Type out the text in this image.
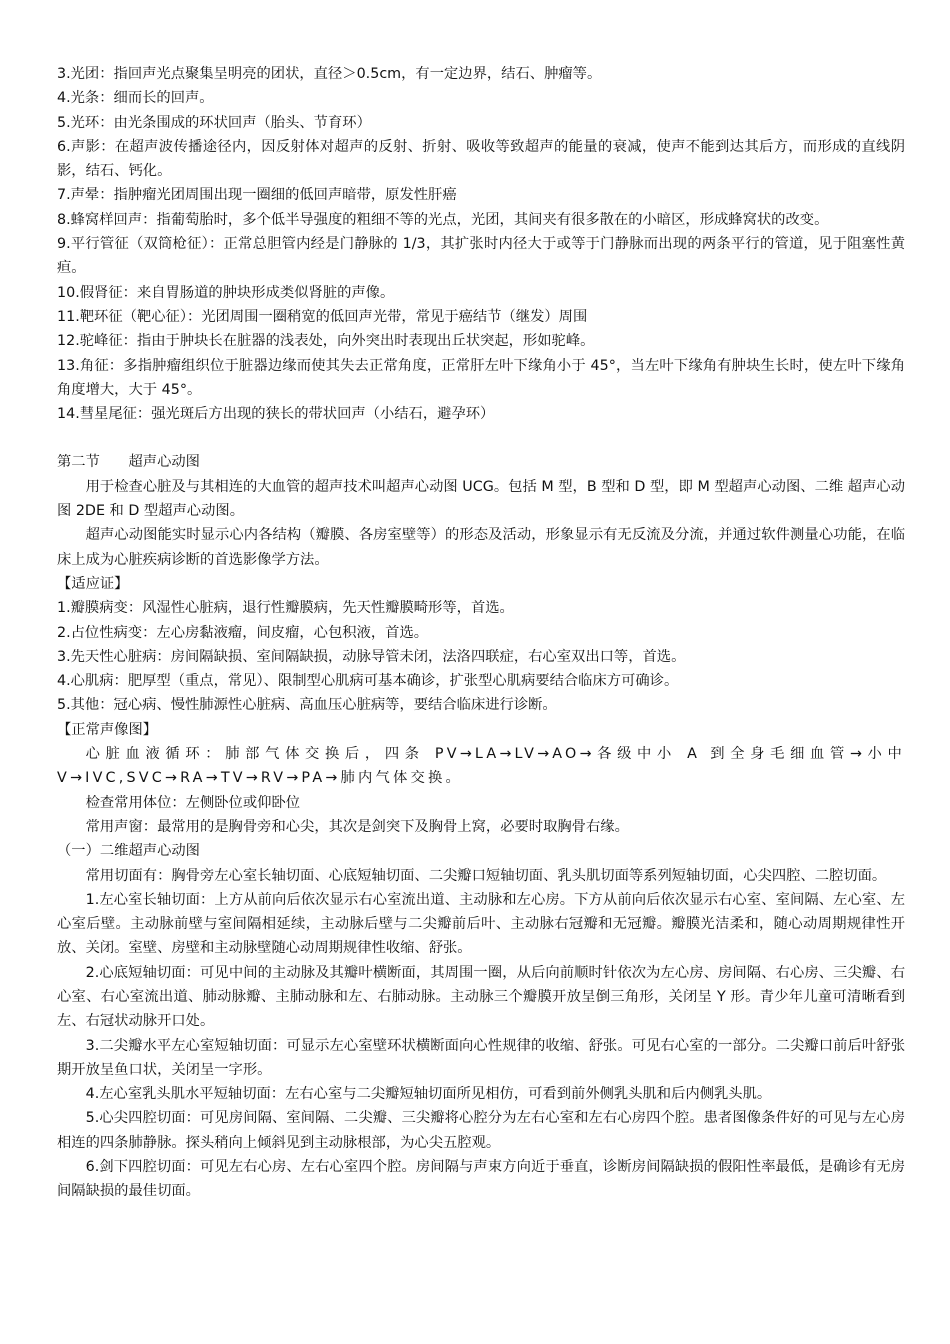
3.光团：指回声光点聚集呈明亮的团状，直径＞0.5cm，有一定边界，结石、肿瘤等。

4.光条：细而长的回声。

5.光环：由光条围成的环状回声（胎头、节育环）

6.声影：在超声波传播途径内，因反射体对超声的反射、折射、吸收等致超声的能量的衰减，使声不能到达其后方，而形成的直线阴影，结石、钙化。

7.声晕：指肿瘤光团周围出现一圈细的低回声暗带，原发性肝癌

8.蜂窝样回声：指葡萄胎时，多个低半导强度的粗细不等的光点，光团，其间夹有很多散在的小暗区，形成蜂窝状的改变。

9.平行管征（双筒枪征）：正常总胆管内经是门静脉的 1/3，其扩张时内径大于或等于门静脉而出现的两条平行的管道，见于阻塞性黄疸。

10.假肾征：来自胃肠道的肿块形成类似肾脏的声像。

11.靶环征（靶心征）：光团周围一圈稍宽的低回声光带，常见于癌结节（继发）周围

12.驼峰征：指由于肿块长在脏器的浅表处，向外突出时表现出丘状突起，形如驼峰。

13.角征：多指肿瘤组织位于脏器边缘而使其失去正常角度，正常肝左叶下缘角小于 45°，当左叶下缘角有肿块生长时，使左叶下缘角角度增大，大于 45°。

14.彗星尾征：强光斑后方出现的狭长的带状回声（小结石，避孕环）

第二节　　超声心动图

用于检查心脏及与其相连的大血管的超声技术叫超声心动图 UCG。包括 M 型，B 型和 D 型，即 M 型超声心动图、二维 超声心动图 2DE 和 D 型超声心动图。

超声心动图能实时显示心内各结构（瓣膜、各房室壁等）的形态及活动，形象显示有无反流及分流，并通过软件测量心功能，在临床上成为心脏疾病诊断的首选影像学方法。

【适应证】

1.瓣膜病变：风湿性心脏病，退行性瓣膜病，先天性瓣膜畸形等，首选。

2.占位性病变：左心房黏液瘤，间皮瘤，心包积液，首选。

3.先天性心脏病：房间隔缺损、室间隔缺损，动脉导管未闭，法洛四联症，右心室双出口等，首选。

4.心肌病：肥厚型（重点，常见）、限制型心肌病可基本确诊，扩张型心肌病要结合临床方可确诊。

5.其他：冠心病、慢性肺源性心脏病、高血压心脏病等，要结合临床进行诊断。

【正常声像图】

心脏血液循环：肺部气体交换后，四条 PV→LA→LV→AO→各级中小 A 到全身毛细血管→小中 V→IVC,SVC→RA→TV→RV→PA→肺内气体交换。

检查常用体位：左侧卧位或仰卧位

常用声窗：最常用的是胸骨旁和心尖，其次是剑突下及胸骨上窝，必要时取胸骨右缘。

（一）二维超声心动图

常用切面有：胸骨旁左心室长轴切面、心底短轴切面、二尖瓣口短轴切面、乳头肌切面等系列短轴切面，心尖四腔、二腔切面。

1.左心室长轴切面：上方从前向后依次显示右心室流出道、主动脉和左心房。下方从前向后依次显示右心室、室间隔、左心室、左心室后壁。主动脉前壁与室间隔相延续，主动脉后壁与二尖瓣前后叶、主动脉右冠瓣和无冠瓣。瓣膜光洁柔和，随心动周期规律性开放、关闭。室壁、房壁和主动脉壁随心动周期规律性收缩、舒张。

2.心底短轴切面：可见中间的主动脉及其瓣叶横断面，其周围一圈，从后向前顺时针依次为左心房、房间隔、右心房、三尖瓣、右心室、右心室流出道、肺动脉瓣、主肺动脉和左、右肺动脉。主动脉三个瓣膜开放呈倒三角形，关闭呈 Y 形。青少年儿童可清晰看到左、右冠状动脉开口处。

3.二尖瓣水平左心室短轴切面：可显示左心室壁环状横断面向心性规律的收缩、舒张。可见右心室的一部分。二尖瓣口前后叶舒张期开放呈鱼口状，关闭呈一字形。

4.左心室乳头肌水平短轴切面：左右心室与二尖瓣短轴切面所见相仿，可看到前外侧乳头肌和后内侧乳头肌。

5.心尖四腔切面：可见房间隔、室间隔、二尖瓣、三尖瓣将心腔分为左右心室和左右心房四个腔。患者图像条件好的可见与左心房相连的四条肺静脉。探头稍向上倾斜见到主动脉根部，为心尖五腔观。

6.剑下四腔切面：可见左右心房、左右心室四个腔。房间隔与声束方向近于垂直，诊断房间隔缺损的假阳性率最低，是确诊有无房间隔缺损的最佳切面。
